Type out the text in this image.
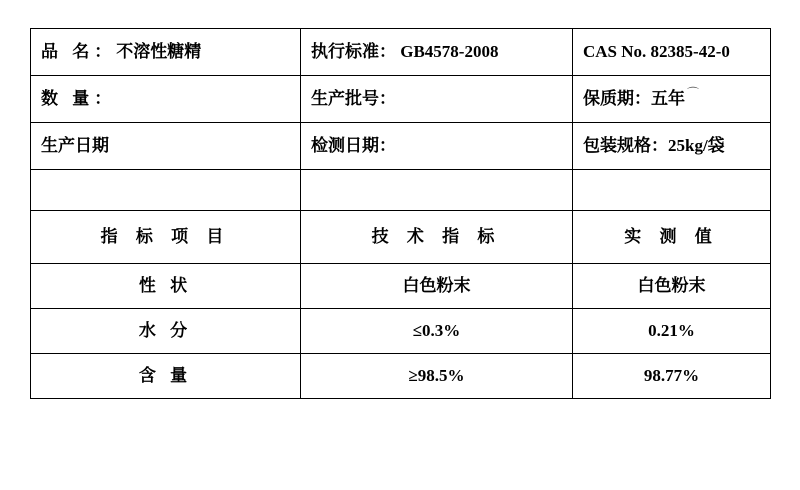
品 名：不溶性糖精	执行标准： GB4578-2008	CAS No. 82385-42-0
数 量：	生产批号：	保质期：五年 ⌒

生产日期	检测日期：	包装规格：25kg/袋

指 标 项 目	技 术 指 标	实 测 值
性 状	白色粉末	白色粉末
水 分	≤0.3%	0.21%
含 量	≥98.5%	98.77%
